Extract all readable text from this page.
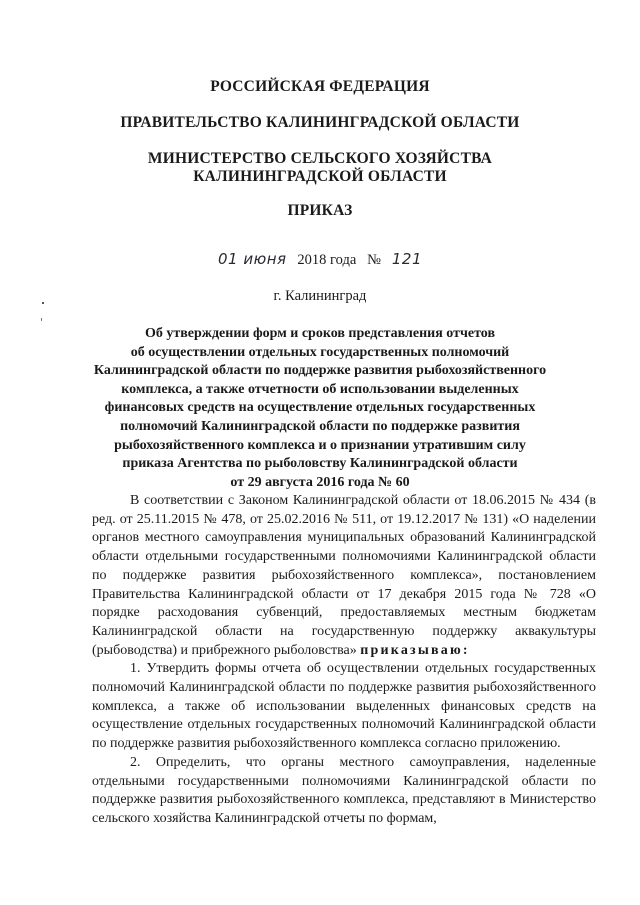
РОССИЙСКАЯ ФЕДЕРАЦИЯ
ПРАВИТЕЛЬСТВО КАЛИНИНГРАДСКОЙ ОБЛАСТИ
МИНИСТЕРСТВО СЕЛЬСКОГО ХОЗЯЙСТВА
КАЛИНИНГРАДСКОЙ ОБЛАСТИ
ПРИКАЗ
01 июня 2018 года № 121
г. Калининград
Об утверждении форм и сроков представления отчетов
об осуществлении отдельных государственных полномочий
Калининградской области по поддержке развития рыбохозяйственного
комплекса, а также отчетности об использовании выделенных
финансовых средств на осуществление отдельных государственных
полномочий Калининградской области по поддержке развития
рыбохозяйственного комплекса и о признании утратившим силу
приказа Агентства по рыболовству Калининградской области
от 29 августа 2016 года № 60

В соответствии с Законом Калининградской области от 18.06.2015 № 434 (в ред. от 25.11.2015 № 478, от 25.02.2016 № 511, от 19.12.2017 № 131) «О наделении органов местного самоуправления муниципальных образований Калининградской области отдельными государственными полномочиями Калининградской области по поддержке развития рыбохозяйственного комплекса», постановлением Правительства Калининградской области от 17 декабря 2015 года № 728 «О порядке расходования субвенций, предоставляемых местным бюджетам Калининградской области на государственную поддержку аквакультуры (рыбоводства) и прибрежного рыболовства» приказываю:

1. Утвердить формы отчета об осуществлении отдельных государственных полномочий Калининградской области по поддержке развития рыбохозяйственного комплекса, а также об использовании выделенных финансовых средств на осуществление отдельных государственных полномочий Калининградской области по поддержке развития рыбохозяйственного комплекса согласно приложению.

2. Определить, что органы местного самоуправления, наделенные отдельными государственными полномочиями Калининградской области по поддержке развития рыбохозяйственного комплекса, представляют в Министерство сельского хозяйства Калининградской отчеты по формам,
